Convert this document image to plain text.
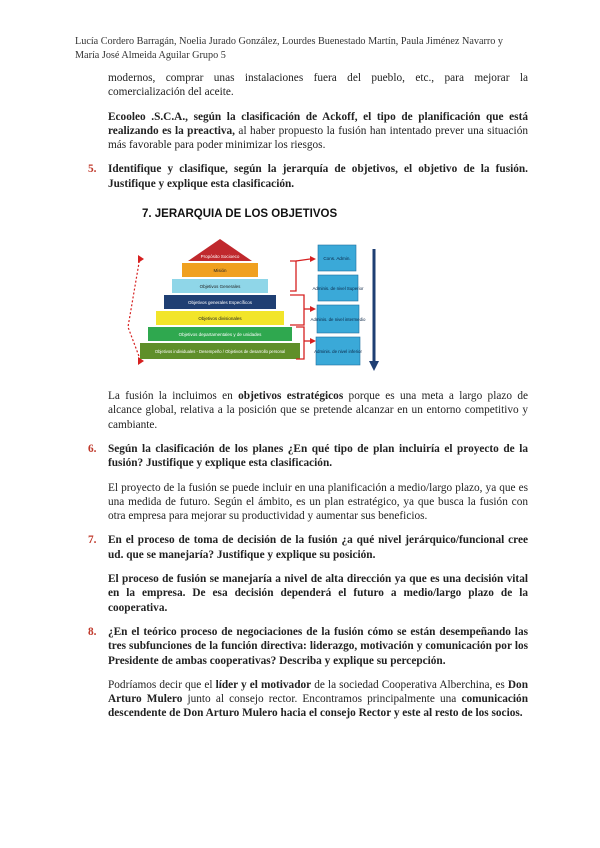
Lucía Cordero Barragán, Noelia Jurado González, Lourdes Buenestado Martín, Paula Jiménez Navarro y María José Almeida Aguilar Grupo 5

modernos, comprar unas instalaciones fuera del pueblo, etc., para mejorar la comercialización del aceite.

Ecooleo .S.C.A., según la clasificación de Ackoff, el tipo de planificación que está realizando es la preactiva, al haber propuesto la fusión han intentado prever una situación más favorable para poder minimizar los riesgos.

5. Identifique y clasifique, según la jerarquía de objetivos, el objetivo de la fusión. Justifique y explique esta clasificación.
7. JERARQUIA DE LOS OBJETIVOS
Propósito Socioeco
Misión
Objetivos Generales
Objetivos generales Específicos
Objetivos divisionales
Objetivos departamentales y de unidades
Objetivos individuales - Desempeño / Objetivos de desarrollo personal
Cons. Admin.
Adminis. de nivel Superior
Adminis. de nivel intermedio
Adminis. de nivel inferior

La fusión la incluimos en objetivos estratégicos porque es una meta a largo plazo de alcance global, relativa a la posición que se pretende alcanzar en un entorno competitivo y cambiante.

6. Según la clasificación de los planes ¿En qué tipo de plan incluiría el proyecto de la fusión? Justifique y explique esta clasificación.

El proyecto de la fusión se puede incluir en una planificación a medio/largo plazo, ya que es una medida de futuro. Según el ámbito, es un plan estratégico, ya que busca la fusión con otra empresa para mejorar su productividad y aumentar sus beneficios.

7. En el proceso de toma de decisión de la fusión ¿a qué nivel jerárquico/funcional cree ud. que se manejaría? Justifique y explique su posición.

El proceso de fusión se manejaría a nivel de alta dirección ya que es una decisión vital en la empresa. De esa decisión dependerá el futuro a medio/largo plazo de la cooperativa.

8. ¿En el teórico proceso de negociaciones de la fusión cómo se están desempeñando las tres subfunciones de la función directiva: liderazgo, motivación y comunicación por los Presidente de ambas cooperativas? Describa y explique su percepción.

Podríamos decir que el líder y el motivador de la sociedad Cooperativa Alberchina, es Don Arturo Mulero junto al consejo rector. Encontramos principalmente una comunicación descendente de Don Arturo Mulero hacia el consejo Rector y este al resto de los socios.
